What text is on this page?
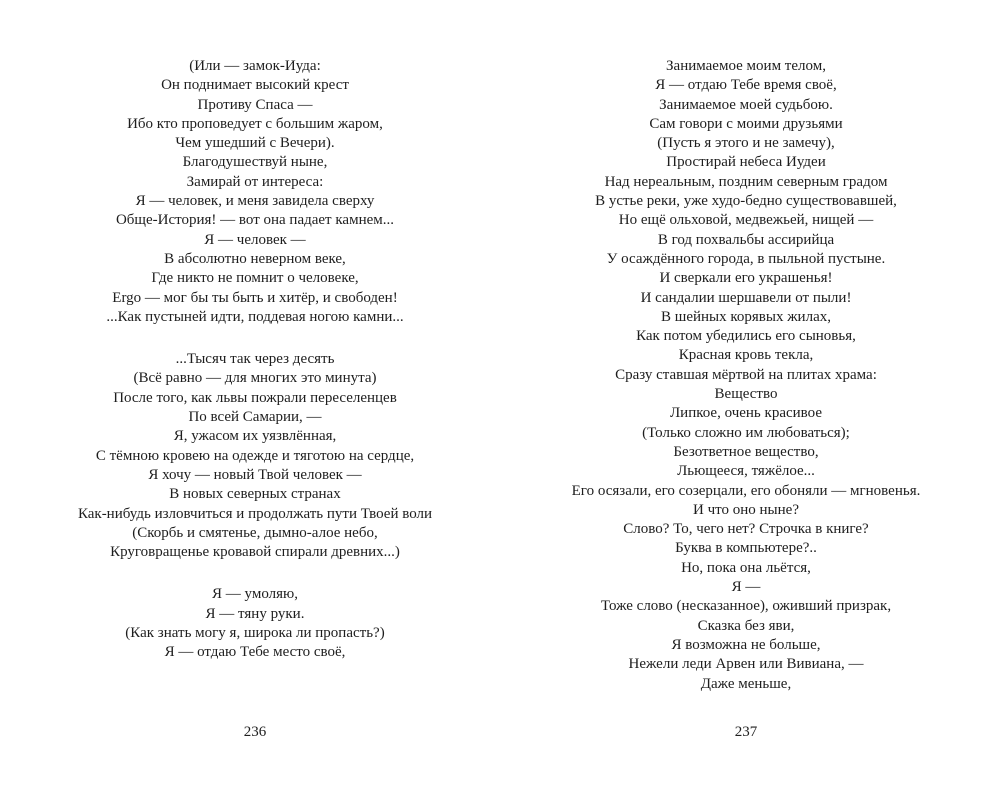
(Или — замок-Иуда:
Он поднимает высокий крест
Противу Спаса —
Ибо кто проповедует с большим жаром,
Чем ушедший с Вечери).
Благодушествуй ныне,
Замирай от интереса:
Я — человек, и меня завидела сверху
Обще-История! — вот она падает камнем...
Я — человек —
В абсолютно неверном веке,
Где никто не помнит о человеке,
Ergo — мог бы ты быть и хитёр, и свободен!
...Как пустыней идти, поддевая ногою камни...
...Тысяч так через десять
(Всё равно — для многих это минута)
После того, как львы пожрали переселенцев
По всей Самарии, —
Я, ужасом их уязвлённая,
С тёмною кровею на одежде и тяготою на сердце,
Я хочу — новый Твой человек —
В новых северных странах
Как-нибудь изловчиться и продолжать пути Твоей воли
(Скорбь и смятенье, дымно-алое небо,
Круговращенье кровавой спирали древних...)
Я — умоляю,
Я — тяну руки.
(Как знать могу я, широка ли пропасть?)
Я — отдаю Тебе место своё,
Занимаемое моим телом,
Я — отдаю Тебе время своё,
Занимаемое моей судьбою.
Сам говори с моими друзьями
(Пусть я этого и не замечу),
Простирай небеса Иудеи
Над нереальным, поздним северным градом
В устье реки, уже худо-бедно существовавшей,
Но ещё ольховой, медвежьей, нищей —
В год похвальбы ассирийца
У осаждённого города, в пыльной пустыне.
И сверкали его украшенья!
И сандалии шершавели от пыли!
В шейных корявых жилах,
Как потом убедились его сыновья,
Красная кровь текла,
Сразу ставшая мёртвой на плитах храма:
Вещество
Липкое, очень красивое
(Только сложно им любоваться);
Безответное вещество,
Льющееся, тяжёлое...
Его осязали, его созерцали, его обоняли — мгновенья.
И что оно ныне?
Слово? То, чего нет? Строчка в книге?
Буква в компьютере?..
Но, пока она льётся,
Я —
Тоже слово (несказанное), оживший призрак,
Сказка без яви,
Я возможна не больше,
Нежели леди Арвен или Вивиана, —
Даже меньше,
236	237
